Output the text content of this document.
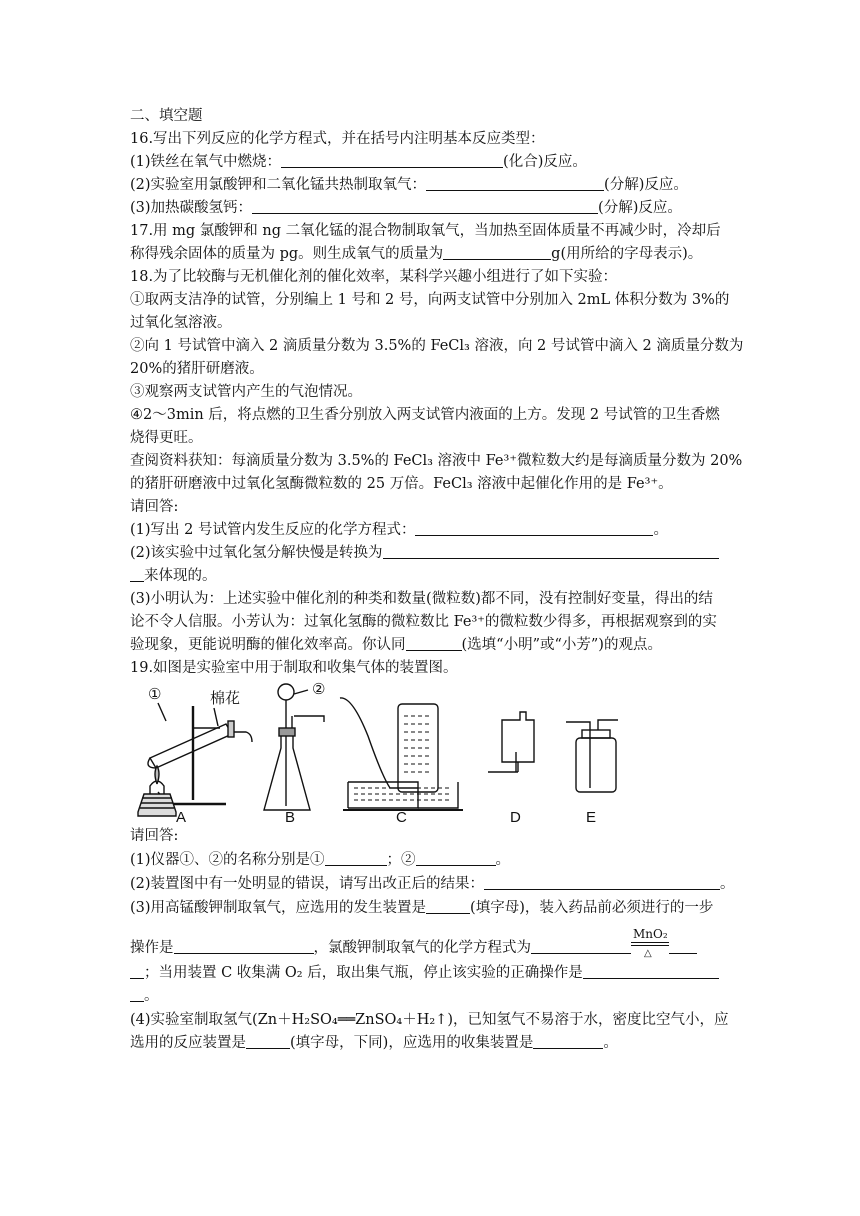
二、填空题
16.写出下列反应的化学方程式，并在括号内注明基本反应类型：
(1)铁丝在氧气中燃烧：	(化合)反应。
(2)实验室用氯酸钾和二氧化锰共热制取氧气：	(分解)反应。
(3)加热碳酸氢钙：	(分解)反应。
17.用 mg 氯酸钾和 ng 二氧化锰的混合物制取氧气，当加热至固体质量不再减少时，冷却后
称得残余固体的质量为 pg。则生成氧气的质量为	g(用所给的字母表示)。
18.为了比较酶与无机催化剂的催化效率，某科学兴趣小组进行了如下实验：
①取两支洁净的试管，分别编上 1 号和 2 号，向两支试管中分别加入 2mL 体积分数为 3%的
过氧化氢溶液。
②向 1 号试管中滴入 2 滴质量分数为 3.5%的 FeCl₃ 溶液，向 2 号试管中滴入 2 滴质量分数为
20%的猪肝研磨液。
③观察两支试管内产生的气泡情况。
④2～3min 后，将点燃的卫生香分别放入两支试管内液面的上方。发现 2 号试管的卫生香燃
烧得更旺。
查阅资料获知：每滴质量分数为 3.5%的 FeCl₃ 溶液中 Fe³⁺微粒数大约是每滴质量分数为 20%
的猪肝研磨液中过氧化氢酶微粒数的 25 万倍。FeCl₃ 溶液中起催化作用的是 Fe³⁺。
请回答:
(1)写出 2 号试管内发生反应的化学方程式：	。
(2)该实验中过氧化氢分解快慢是转换为
来体现的。
(3)小明认为：上述实验中催化剂的种类和数量(微粒数)都不同，没有控制好变量，得出的结
论不令人信服。小芳认为：过氧化氢酶的微粒数比 Fe³⁺的微粒数少得多，再根据观察到的实
验现象，更能说明酶的催化效率高。你认同	(选填“小明”或“小芳”)的观点。
19.如图是实验室中用于制取和收集气体的装置图。
①	棉花
A
②
B	C	D	E
请回答:
(1)仪器①、②的名称分别是①	；②	。
(2)装置图中有一处明显的错误，请写出改正后的结果：	。
(3)用高锰酸钾制取氧气，应选用的发生装置是	(填字母)，装入药品前必须进行的一步
操作是	，氯酸钾制取氧气的化学方程式为	$\frac{\text{MnO₂}}{\triangle}$
；当用装置 C 收集满 O₂ 后，取出集气瓶，停止该实验的正确操作是
。
(4)实验室制取氢气(Zn＋H₂SO₄══ZnSO₄＋H₂↑)，已知氢气不易溶于水，密度比空气小，应
选用的反应装置是	(填字母，下同)，应选用的收集装置是	。
